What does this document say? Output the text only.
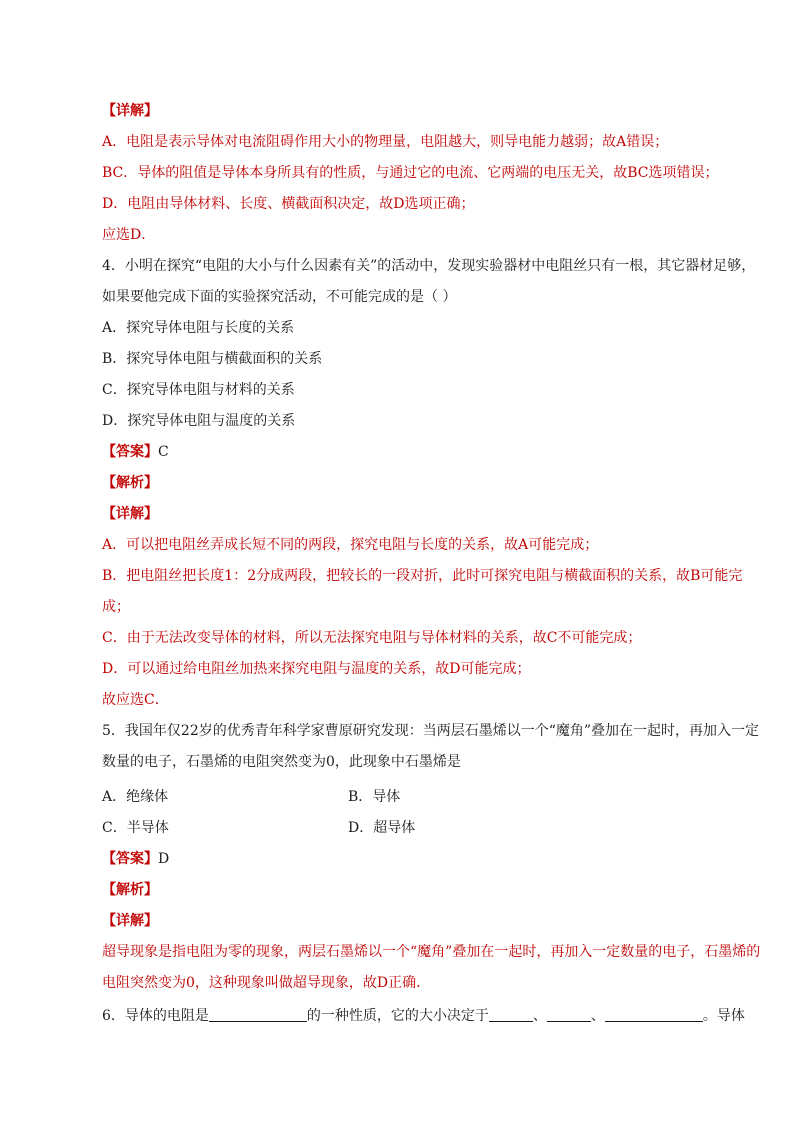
【详解】
A．电阻是表示导体对电流阻碍作用大小的物理量，电阻越大，则导电能力越弱；故A错误；
BC．导体的阻值是导体本身所具有的性质，与通过它的电流、它两端的电压无关，故BC选项错误；
D．电阻由导体材料、长度、横截面积决定，故D选项正确；
应选D．
4．小明在探究“电阻的大小与什么因素有关”的活动中，发现实验器材中电阻丝只有一根，其它器材足够，
如果要他完成下面的实验探究活动，不可能完成的是（ ）
A．探究导体电阻与长度的关系
B．探究导体电阻与横截面积的关系
C．探究导体电阻与材料的关系
D．探究导体电阻与温度的关系
【答案】C
【解析】
【详解】
A．可以把电阻丝弄成长短不同的两段，探究电阻与长度的关系，故A可能完成；
B．把电阻丝把长度1：2分成两段，把较长的一段对折，此时可探究电阻与横截面积的关系，故B可能完
成；
C．由于无法改变导体的材料，所以无法探究电阻与导体材料的关系，故C不可能完成；
D．可以通过给电阻丝加热来探究电阻与温度的关系，故D可能完成；
故应选C．
5．我国年仅22岁的优秀青年科学家曹原研究发现：当两层石墨烯以一个“魔角”叠加在一起时，再加入一定
数量的电子，石墨烯的电阻突然变为0，此现象中石墨烯是
A．绝缘体	B．导体
C．半导体	D．超导体
【答案】D
【解析】
【详解】
超导现象是指电阻为零的现象，两层石墨烯以一个“魔角”叠加在一起时，再加入一定数量的电子，石墨烯的
电阻突然变为0，这种现象叫做超导现象，故D正确．
6．导体的电阻是	的一种性质，它的大小决定于	、	、	。导体
